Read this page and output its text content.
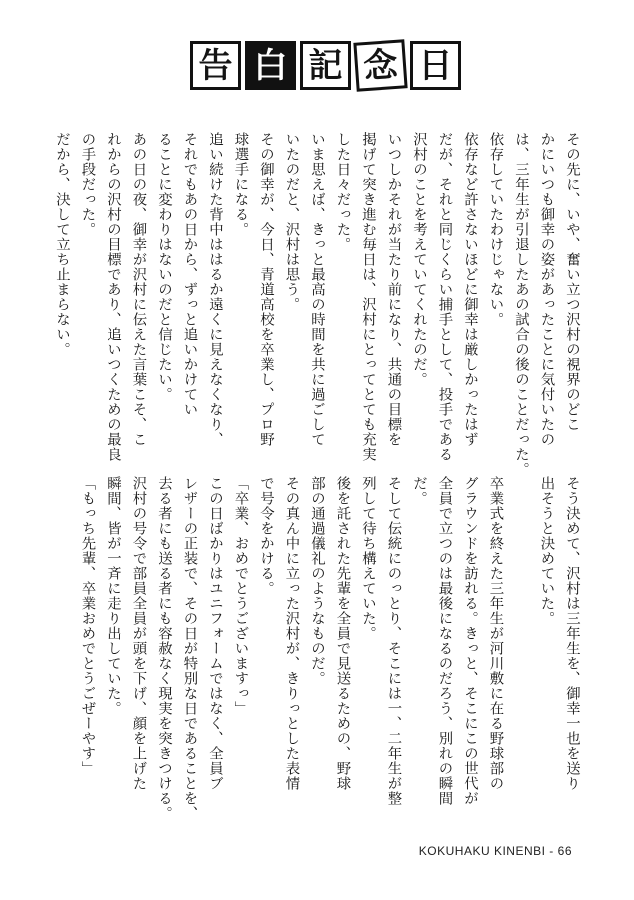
告 白 記 念 日
その先に、いや、奮い立つ沢村の視界のどこ
かにいつも御幸の姿があったことに気付いたの
は、三年生が引退したあの試合の後のことだった。
依存していたわけじゃない。
依存など許さないほどに御幸は厳しかったはず
だが、それと同じくらい捕手として、投手である
沢村のことを考えていてくれたのだ。
いつしかそれが当たり前になり、共通の目標を
掲げて突き進む毎日は、沢村にとってとても充実
した日々だった。
いま思えば、きっと最高の時間を共に過ごして
いたのだと、沢村は思う。
その御幸が、今日、青道高校を卒業し、プロ野
球選手になる。
追い続けた背中ははるか遠くに見えなくなり、
それでもあの日から、ずっと追いかけてい
ることに変わりはないのだと信じたい。
あの日の夜、御幸が沢村に伝えた言葉こそ、こ
れからの沢村の目標であり、追いつくための最良
の手段だった。
だから、決して立ち止まらない。
そう決めて、沢村は三年生を、御幸一也を送り
出そうと決めていた。

卒業式を終えた三年生が河川敷に在る野球部の
グラウンドを訪れる。きっと、そこにこの世代が
全員で立つのは最後になるのだろう、別れの瞬間
だ。
そして伝統にのっとり、そこには一、二年生が整
列して待ち構えていた。
後を託された先輩を全員で見送るための、野球
部の通過儀礼のようなものだ。
その真ん中に立った沢村が、きりっとした表情
で号令をかける。
「卒業、おめでとうございますっ」
この日ばかりはユニフォームではなく、全員ブ
レザーの正装で、その日が特別な日であることを、
去る者にも送る者にも容赦なく現実を突きつける。
沢村の号令で部員全員が頭を下げ、顔を上げた
瞬間、皆が一斉に走り出していた。
「もっち先輩、卒業おめでとうごぜーやす」
KOKUHAKU KINENBI - 66
